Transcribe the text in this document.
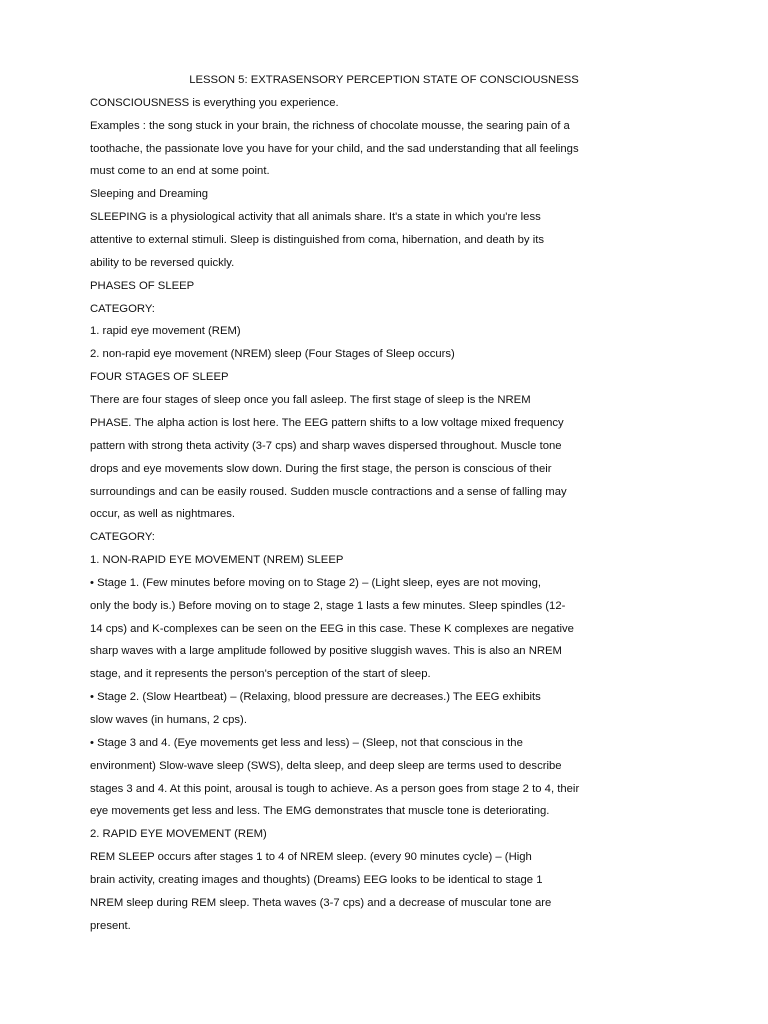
LESSON 5: EXTRASENSORY PERCEPTION STATE OF CONSCIOUSNESS
CONSCIOUSNESS is everything you experience.
Examples : the song stuck in your brain, the richness of chocolate mousse, the searing pain of a
toothache, the passionate love you have for your child, and the sad understanding that all feelings
must come to an end at some point.
Sleeping and Dreaming
SLEEPING is a physiological activity that all animals share. It's a state in which you're less
attentive to external stimuli. Sleep is distinguished from coma, hibernation, and death by its
ability to be reversed quickly.
PHASES OF SLEEP
CATEGORY:
1. rapid eye movement (REM)
2. non-rapid eye movement (NREM) sleep (Four Stages of Sleep occurs)
FOUR STAGES OF SLEEP
There are four stages of sleep once you fall asleep. The first stage of sleep is the NREM
PHASE. The alpha action is lost here. The EEG pattern shifts to a low voltage mixed frequency
pattern with strong theta activity (3-7 cps) and sharp waves dispersed throughout. Muscle tone
drops and eye movements slow down. During the first stage, the person is conscious of their
surroundings and can be easily roused. Sudden muscle contractions and a sense of falling may
occur, as well as nightmares.
CATEGORY:
1. NON-RAPID EYE MOVEMENT (NREM) SLEEP
• Stage 1. (Few minutes before moving on to Stage 2) – (Light sleep, eyes are not moving,
only the body is.) Before moving on to stage 2, stage 1 lasts a few minutes. Sleep spindles (12-
14 cps) and K-complexes can be seen on the EEG in this case. These K complexes are negative
sharp waves with a large amplitude followed by positive sluggish waves. This is also an NREM
stage, and it represents the person's perception of the start of sleep.
• Stage 2. (Slow Heartbeat) – (Relaxing, blood pressure are decreases.) The EEG exhibits
slow waves (in humans, 2 cps).
• Stage 3 and 4. (Eye movements get less and less) – (Sleep, not that conscious in the
environment) Slow-wave sleep (SWS), delta sleep, and deep sleep are terms used to describe
stages 3 and 4. At this point, arousal is tough to achieve. As a person goes from stage 2 to 4, their
eye movements get less and less. The EMG demonstrates that muscle tone is deteriorating.
2. RAPID EYE MOVEMENT (REM)
REM SLEEP occurs after stages 1 to 4 of NREM sleep. (every 90 minutes cycle) – (High
brain activity, creating images and thoughts) (Dreams) EEG looks to be identical to stage 1
NREM sleep during REM sleep. Theta waves (3-7 cps) and a decrease of muscular tone are
present.
